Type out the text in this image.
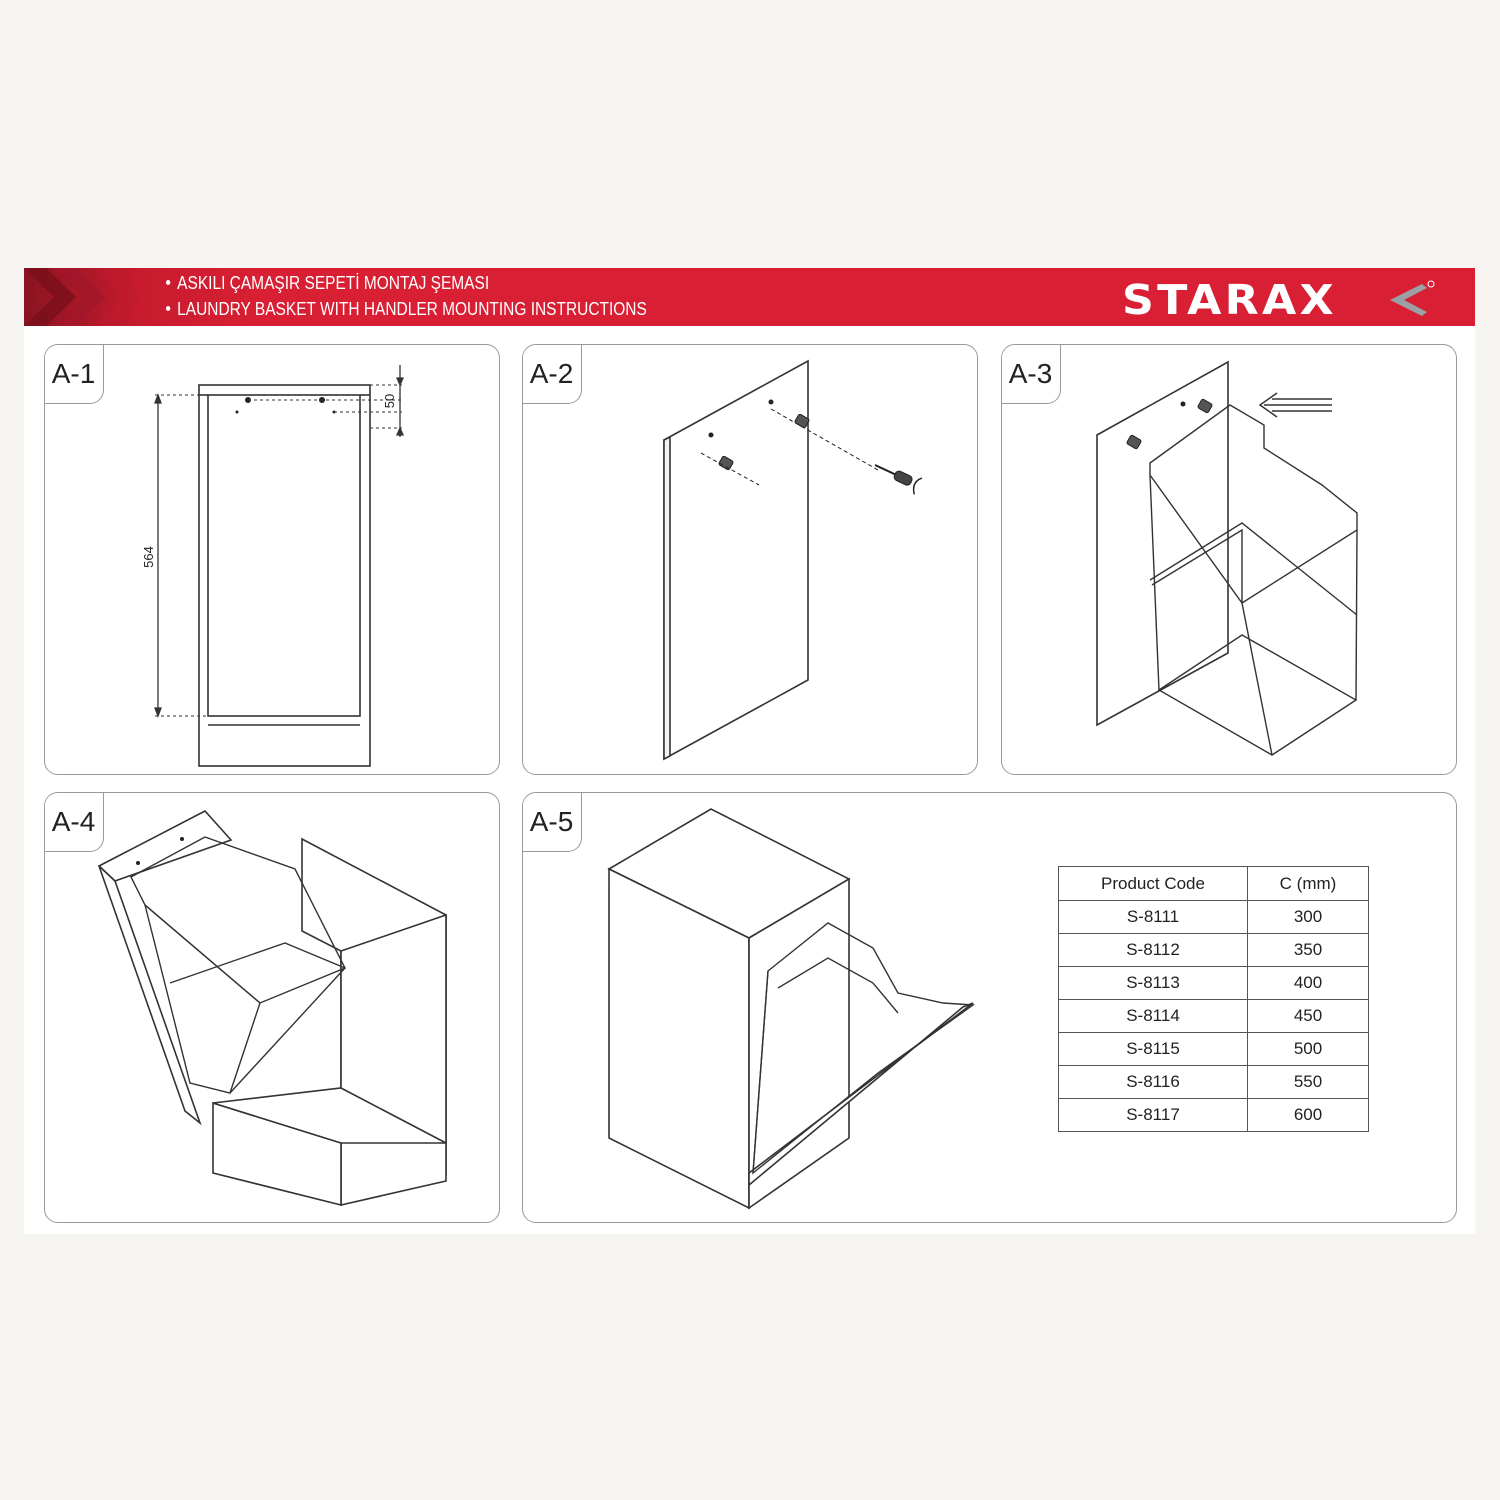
ASKILI ÇAMAŞIR SEPETİ MONTAJ ŞEMASI
LAUNDRY BASKET WITH HANDLER MOUNTING INSTRUCTIONS	STARAX
A-1
564
50
A-2	A-3
A-4	A-5
Product Code	C (mm)
S-8111	300
S-8112	350
S-8113	400
S-8114	450
S-8115	500
S-8116	550
S-8117	600
